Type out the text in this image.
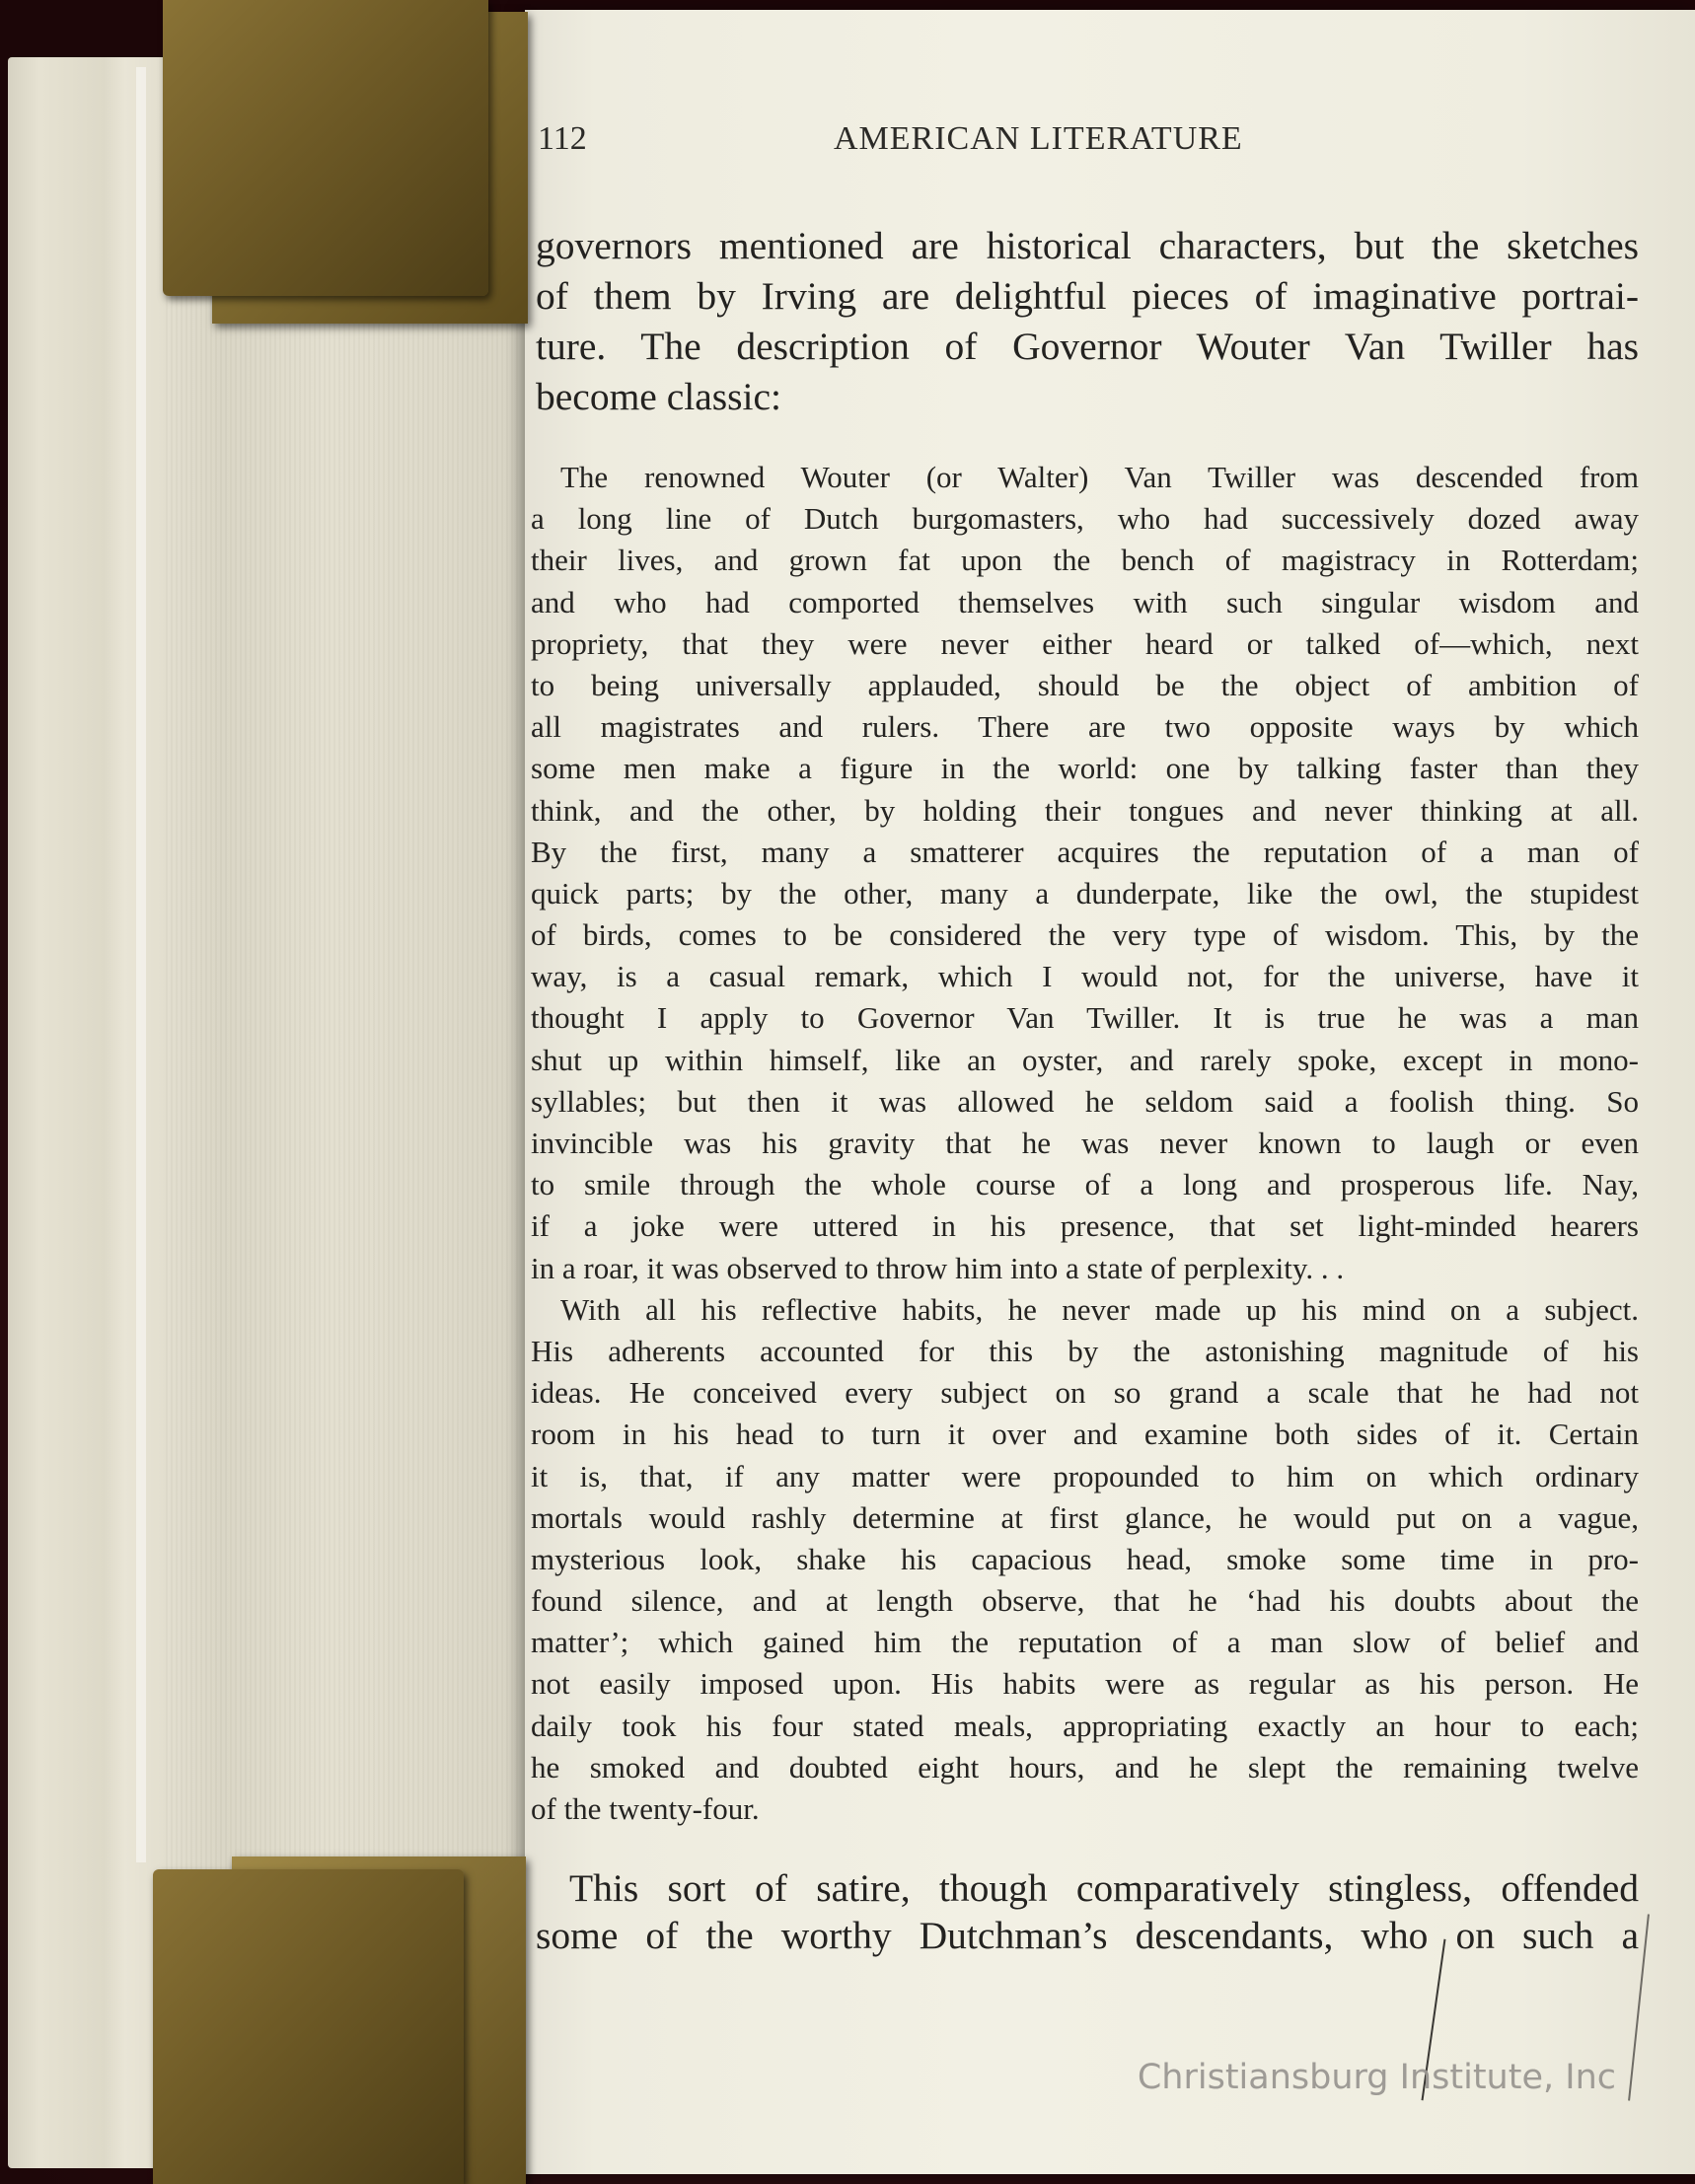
112	AMERICAN LITERATURE
governors mentioned are historical characters, but the sketches
of them by Irving are delightful pieces of imaginative portrai-
ture. The description of Governor Wouter Van Twiller has
become classic:
The renowned Wouter (or Walter) Van Twiller was descended from
a long line of Dutch burgomasters, who had successively dozed away
their lives, and grown fat upon the bench of magistracy in Rotterdam;
and who had comported themselves with such singular wisdom and
propriety, that they were never either heard or talked of—which, next
to being universally applauded, should be the object of ambition of
all magistrates and rulers. There are two opposite ways by which
some men make a figure in the world: one by talking faster than they
think, and the other, by holding their tongues and never thinking at all.
By the first, many a smatterer acquires the reputation of a man of
quick parts; by the other, many a dunderpate, like the owl, the stupidest
of birds, comes to be considered the very type of wisdom. This, by the
way, is a casual remark, which I would not, for the universe, have it
thought I apply to Governor Van Twiller. It is true he was a man
shut up within himself, like an oyster, and rarely spoke, except in mono-
syllables; but then it was allowed he seldom said a foolish thing. So
invincible was his gravity that he was never known to laugh or even
to smile through the whole course of a long and prosperous life. Nay,
if a joke were uttered in his presence, that set light-minded hearers
in a roar, it was observed to throw him into a state of perplexity. . .
With all his reflective habits, he never made up his mind on a subject.
His adherents accounted for this by the astonishing magnitude of his
ideas. He conceived every subject on so grand a scale that he had not
room in his head to turn it over and examine both sides of it. Certain
it is, that, if any matter were propounded to him on which ordinary
mortals would rashly determine at first glance, he would put on a vague,
mysterious look, shake his capacious head, smoke some time in pro-
found silence, and at length observe, that he ‘had his doubts about the
matter’; which gained him the reputation of a man slow of belief and
not easily imposed upon. His habits were as regular as his person. He
daily took his four stated meals, appropriating exactly an hour to each;
he smoked and doubted eight hours, and he slept the remaining twelve
of the twenty-four.
This sort of satire, though comparatively stingless, offended
some of the worthy Dutchman’s descendants, who on such a
Christiansburg Institute, Inc
